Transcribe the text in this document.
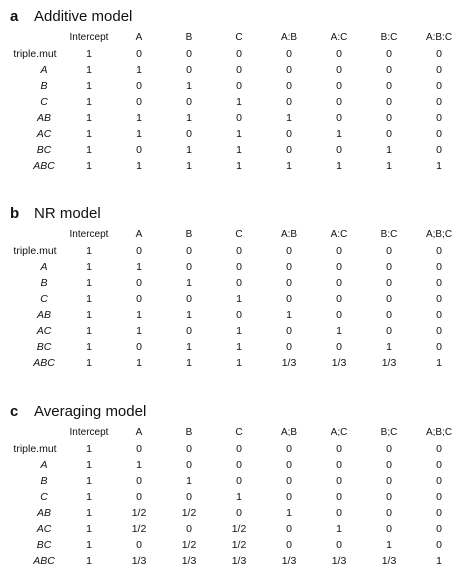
a Additive model
	Intercept	A	B	C	A:B	A:C	B:C	A:B:C
triple.mut	1	0	0	0	0	0	0	0
A	1	1	0	0	0	0	0	0
B	1	0	1	0	0	0	0	0
C	1	0	0	1	0	0	0	0
AB	1	1	1	0	1	0	0	0
AC	1	1	0	1	0	1	0	0
BC	1	0	1	1	0	0	1	0
ABC	1	1	1	1	1	1	1	1
b NR model
	Intercept	A	B	C	A:B	A:C	B:C	A;B;C
triple.mut	1	0	0	0	0	0	0	0
A	1	1	0	0	0	0	0	0
B	1	0	1	0	0	0	0	0
C	1	0	0	1	0	0	0	0
AB	1	1	1	0	1	0	0	0
AC	1	1	0	1	0	1	0	0
BC	1	0	1	1	0	0	1	0
ABC	1	1	1	1	1/3	1/3	1/3	1
c Averaging model
	Intercept	A	B	C	A;B	A;C	B;C	A;B;C
triple.mut	1	0	0	0	0	0	0	0
A	1	1	0	0	0	0	0	0
B	1	0	1	0	0	0	0	0
C	1	0	0	1	0	0	0	0
AB	1	1/2	1/2	0	1	0	0	0
AC	1	1/2	0	1/2	0	1	0	0
BC	1	0	1/2	1/2	0	0	1	0
ABC	1	1/3	1/3	1/3	1/3	1/3	1/3	1
